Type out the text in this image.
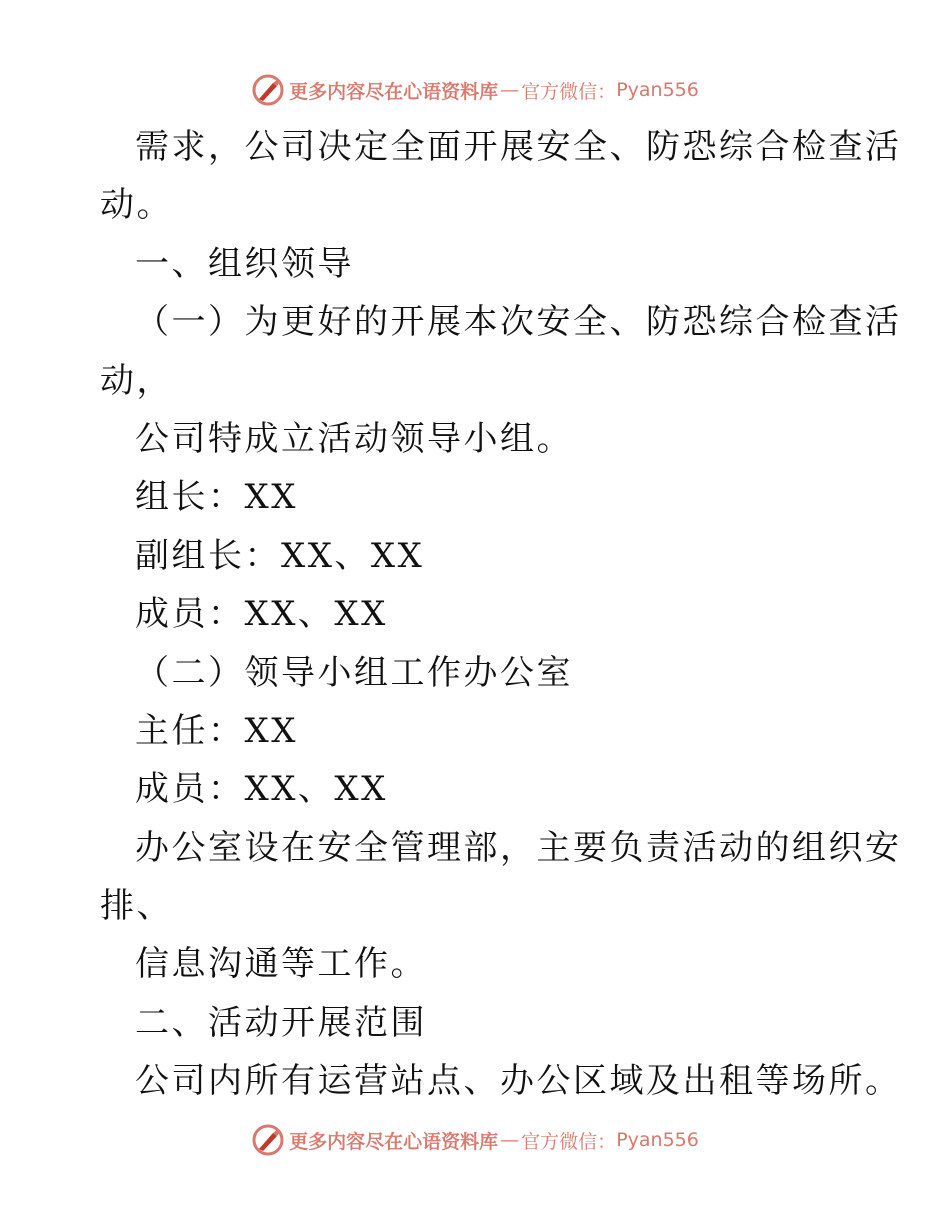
更多内容尽在心语资料库 — 官方微信： Pyan556
需求，公司决定全面开展安全、防恐综合检查活
动。
一、组织领导
（一）为更好的开展本次安全、防恐综合检查活
动，
公司特成立活动领导小组。
组长：XX
副组长：XX、XX
成员：XX、XX
（二）领导小组工作办公室
主任：XX
成员：XX、XX
办公室设在安全管理部，主要负责活动的组织安
排、
信息沟通等工作。
二、活动开展范围
公司内所有运营站点、办公区域及出租等场所。
更多内容尽在心语资料库 — 官方微信： Pyan556
